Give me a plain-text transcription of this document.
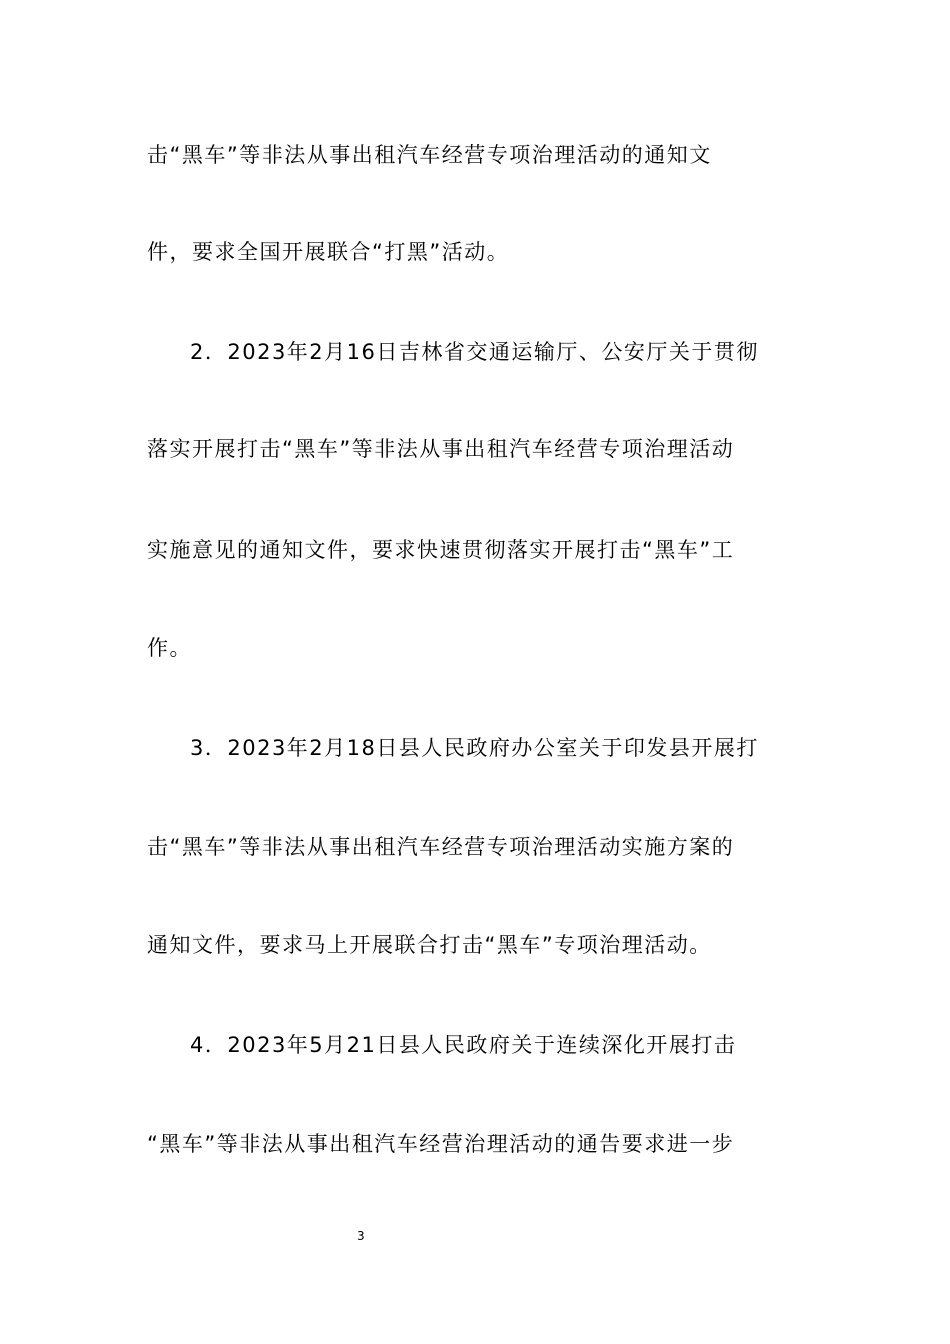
击“黑车”等非法从事出租汽车经营专项治理活动的通知文
件，要求全国开展联合“打黑”活动。
2．2023年2月16日吉林省交通运输厅、公安厅关于贯彻
落实开展打击“黑车”等非法从事出租汽车经营专项治理活动
实施意见的通知文件，要求快速贯彻落实开展打击“黑车”工
作。
3．2023年2月18日县人民政府办公室关于印发县开展打
击“黑车”等非法从事出租汽车经营专项治理活动实施方案的
通知文件，要求马上开展联合打击“黑车”专项治理活动。
4．2023年5月21日县人民政府关于连续深化开展打击
“黑车”等非法从事出租汽车经营治理活动的通告要求进一步
3
